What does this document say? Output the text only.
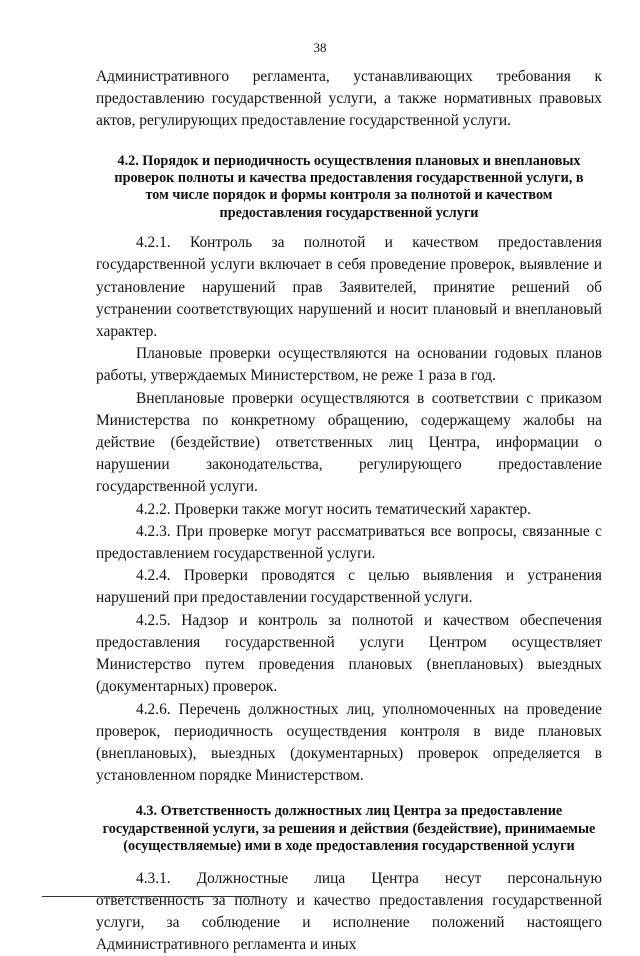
38

Административного регламента, устанавливающих требования к предоставлению государственной услуги, а также нормативных правовых актов, регулирующих предоставление государственной услуги.

4.2. Порядок и периодичность осуществления плановых и внеплановых проверок полноты и качества предоставления государственной услуги, в том числе порядок и формы контроля за полнотой и качеством предоставления государственной услуги

4.2.1. Контроль за полнотой и качеством предоставления государственной услуги включает в себя проведение проверок, выявление и установление нарушений прав Заявителей, принятие решений об устранении соответствующих нарушений и носит плановый и внеплановый характер.

Плановые проверки осуществляются на основании годовых планов работы, утверждаемых Министерством, не реже 1 раза в год.

Внеплановые проверки осуществляются в соответствии с приказом Министерства по конкретному обращению, содержащему жалобы на действие (бездействие) ответственных лиц Центра, информации о нарушении законодательства, регулирующего предоставление государственной услуги.

4.2.2. Проверки также могут носить тематический характер.

4.2.3. При проверке могут рассматриваться все вопросы, связанные с предоставлением государственной услуги.

4.2.4. Проверки проводятся с целью выявления и устранения нарушений при предоставлении государственной услуги.

4.2.5. Надзор и контроль за полнотой и качеством обеспечения предоставления государственной услуги Центром осуществляет Министерство путем проведения плановых (внеплановых) выездных (документарных) проверок.

4.2.6. Перечень должностных лиц, уполномоченных на проведение проверок, периодичность осуществдения контроля в виде плановых (внеплановых), выездных (документарных) проверок определяется в установленном порядке Министерством.

4.3. Ответственность должностных лиц Центра за предоставление государственной услуги, за решения и действия (бездействие), принимаемые (осуществляемые) ими в ходе предоставления государственной услуги

4.3.1. Должностные лица Центра несут персональную ответственность за полноту и качество предоставления государственной услуги, за соблюдение и исполнение положений настоящего Административного регламента и иных
